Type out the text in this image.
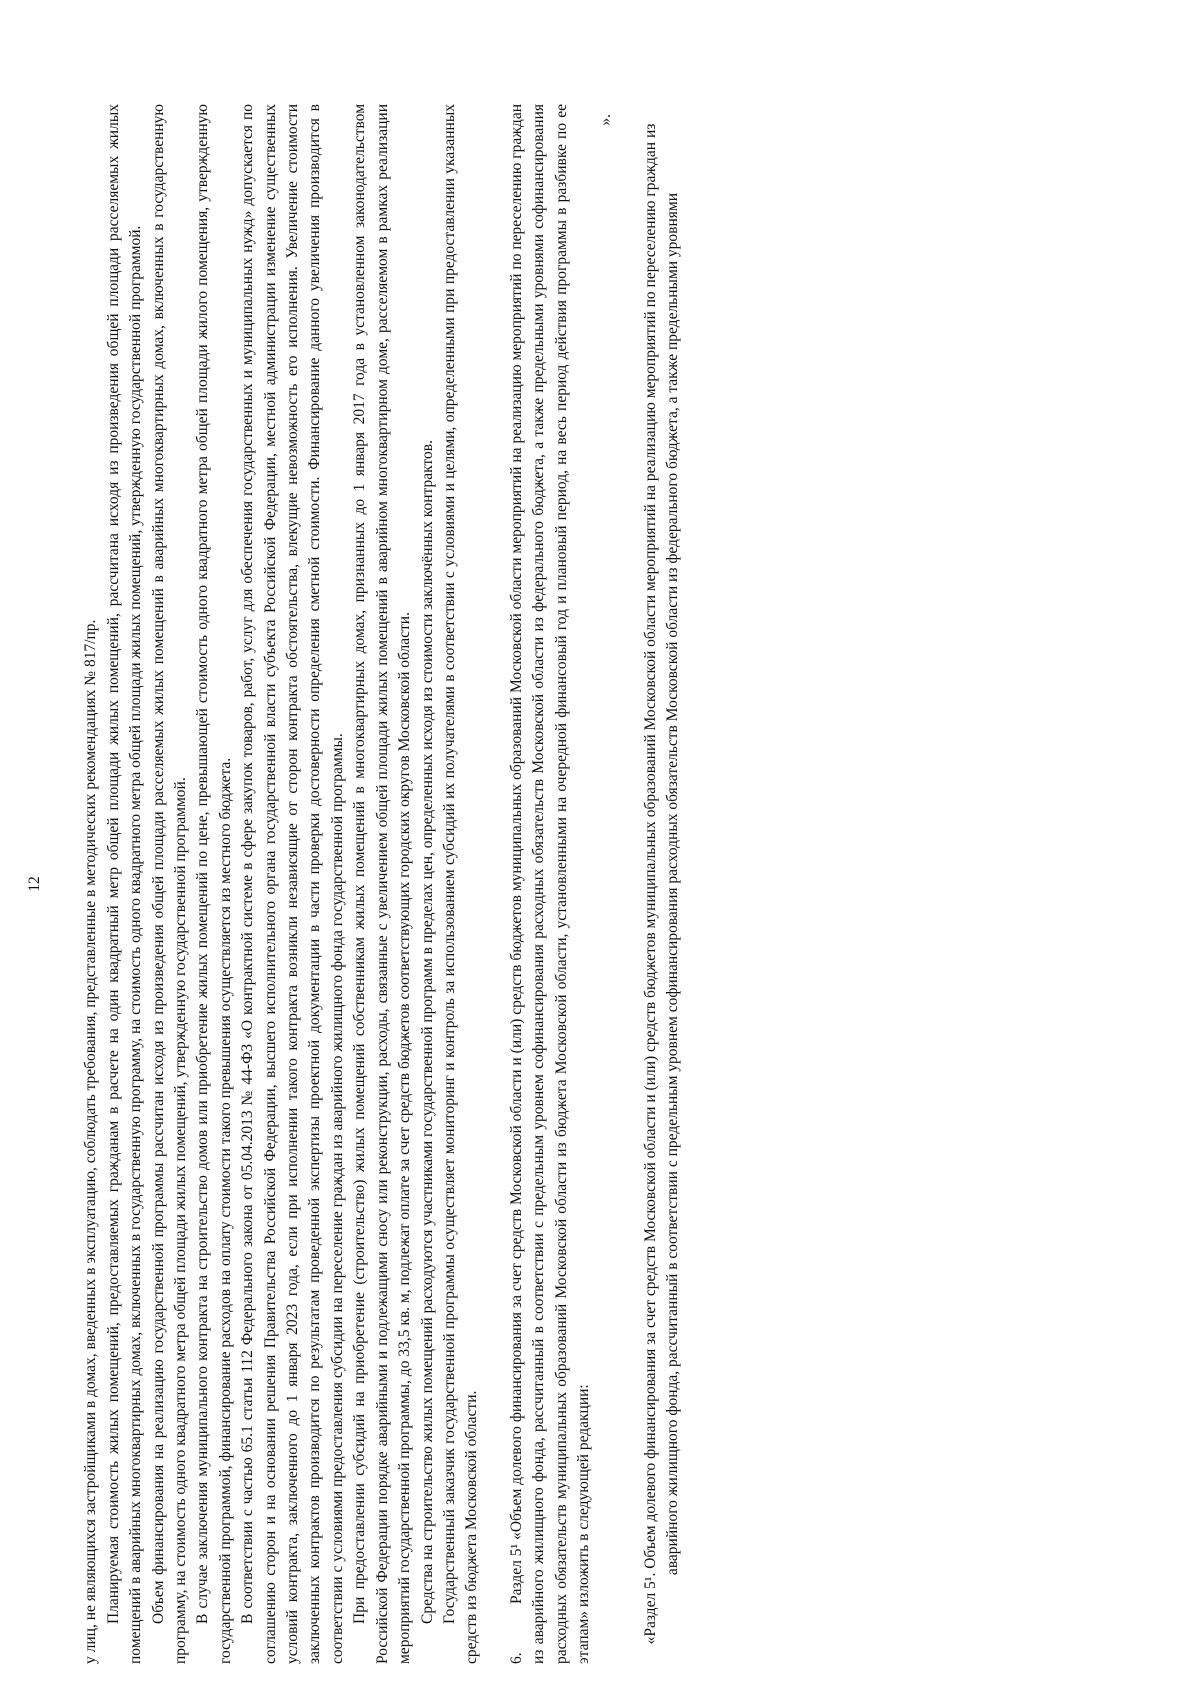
12	у лиц, не являющихся застройщиками в домах, введенных в эксплуатацию, соблюдать требования, представленные в методических рекомендациях № 817/пр. Планируемая стоимость жилых помещений, предоставляемых гражданам в расчете на один квадратный метр общей площади жилых помещений, рассчитана исходя из произведения общей площади расселяемых жилых помещений в аварийных многоквартирных домах, включенных в государственную программу, на стоимость одного квадратного метра общей площади жилых помещений, утвержденную государственной программой. Объем финансирования на реализацию государственной программы рассчитан исходя из произведения общей площади расселяемых жилых помещений в аварийных многоквартирных домах, включенных в государственную программу, на стоимость одного квадратного метра общей площади жилых помещений, утвержденную государственной программой. В случае заключения муниципального контракта на строительство домов или приобретение жилых помещений по цене, превышающей стоимость одного квадратного метра общей площади жилого помещения, утвержденную государственной программой, финансирование расходов на оплату стоимости такого превышения осуществляется из местного бюджета. В соответствии с частью 65.1 статьи 112 Федерального закона от 05.04.2013 № 44-ФЗ «О контрактной системе в сфере закупок товаров, работ, услуг для обеспечения государственных и муниципальных нужд» допускается по соглашению сторон и на основании решения Правительства Российской Федерации, высшего исполнительного органа государственной власти субъекта Российской Федерации, местной администрации изменение существенных условий контракта, заключенного до 1 января 2023 года, если при исполнении такого контракта возникли независящие от сторон контракта обстоятельства, влекущие невозможность его исполнения. Увеличение стоимости заключенных контрактов производится по результатам проведенной экспертизы проектной документации в части проверки достоверности определения сметной стоимости. Финансирование данного увеличения производится в соответствии с условиями предоставления субсидии на переселение граждан из аварийного жилищного фонда государственной программы. При предоставлении субсидий на приобретение (строительство) жилых помещений собственникам жилых помещений в многоквартирных домах, признанных до 1 января 2017 года в установленном законодательством Российской Федерации порядке аварийными и подлежащими сносу или реконструкции, расходы, связанные с увеличением общей площади жилых помещений в аварийном многоквартирном доме, расселяемом в рамках реализации мероприятий государственной программы, до 33,5 кв. м, подлежат оплате за счет средств бюджетов соответствующих городских округов Московской области. Средства на строительство жилых помещений расходуются участниками государственной программ в пределах цен, определенных исходя из стоимости заключённых контрактов. Государственный заказчик государственной программы осуществляет мониторинг и контроль за использованием субсидий их получателями в соответствии с условиями и целями, определенными при предоставлении указанных средств из бюджета Московской области. 6.Раздел 5¹ «Объем долевого финансирования за счет средств Московской области и (или) средств бюджетов муниципальных образований Московской области мероприятий на реализацию мероприятий по переселению граждан из аварийного жилищного фонда, рассчитанный в соответствии с предельным уровнем софинансирования расходных обязательств Московской области из федерального бюджета, а также предельными уровнями софинансирования расходных обязательств муниципальных образований Московской области из бюджета Московской области, установленными на очередной финансовый год и плановый период, на весь период действия программы в разбивке по ее этапам» изложить в следующей редакции:

».

«Раздел 5¹. Объем долевого финансирования за счет средств Московской области и (или) средств бюджетов муниципальных образований Московской области мероприятий на реализацию мероприятий по переселению граждан из аварийного жилищного фонда, рассчитанный в соответствии с предельным уровнем софинансирования расходных обязательств Московской области из федерального бюджета, а также предельными уровнями
